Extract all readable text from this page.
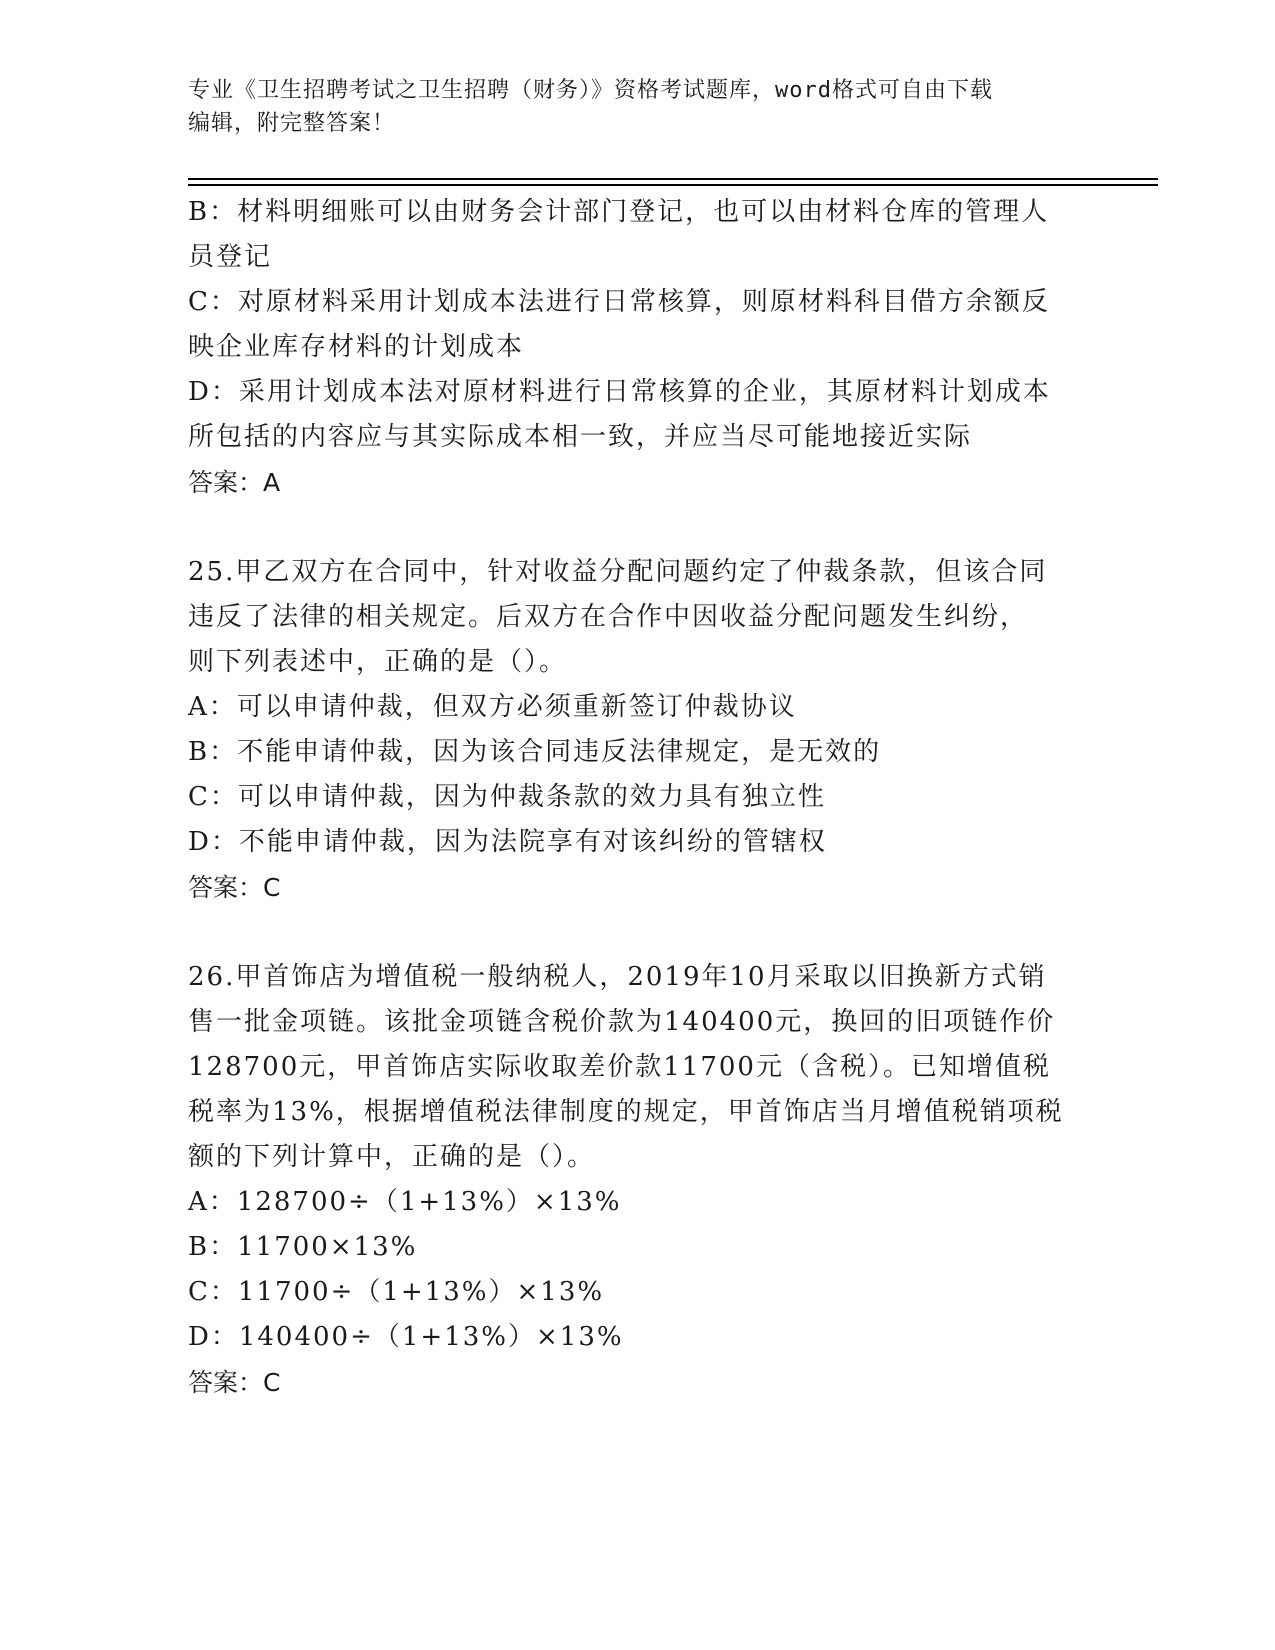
专业《卫生招聘考试之卫生招聘（财务）》资格考试题库，word格式可自由下载
编辑，附完整答案！
B：材料明细账可以由财务会计部门登记，也可以由材料仓库的管理人
员登记
C：对原材料采用计划成本法进行日常核算，则原材料科目借方余额反
映企业库存材料的计划成本
D：采用计划成本法对原材料进行日常核算的企业，其原材料计划成本
所包括的内容应与其实际成本相一致，并应当尽可能地接近实际
答案：A
25.甲乙双方在合同中，针对收益分配问题约定了仲裁条款，但该合同
违反了法律的相关规定。后双方在合作中因收益分配问题发生纠纷，
则下列表述中，正确的是（）。
A：可以申请仲裁，但双方必须重新签订仲裁协议
B：不能申请仲裁，因为该合同违反法律规定，是无效的
C：可以申请仲裁，因为仲裁条款的效力具有独立性
D：不能申请仲裁，因为法院享有对该纠纷的管辖权
答案：C
26.甲首饰店为增值税一般纳税人，2019年10月采取以旧换新方式销
售一批金项链。该批金项链含税价款为140400元，换回的旧项链作价
128700元，甲首饰店实际收取差价款11700元（含税）。已知增值税
税率为13%，根据增值税法律制度的规定，甲首饰店当月增值税销项税
额的下列计算中，正确的是（）。
A：128700÷（1+13%）×13%
B：11700×13%
C：11700÷（1+13%）×13%
D：140400÷（1+13%）×13%
答案：C
